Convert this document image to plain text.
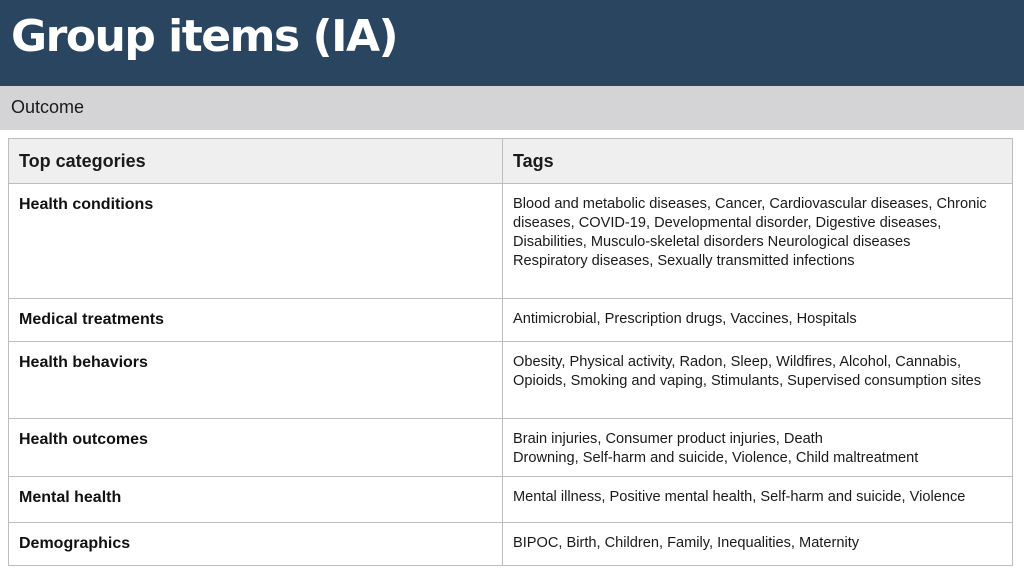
Group items (IA)
Outcome
Top categories	Tags
Health conditions	Blood and metabolic diseases, Cancer, Cardiovascular diseases, Chronic diseases, COVID-19, Developmental disorder, Digestive diseases, Disabilities, Musculo-skeletal disorders Neurological diseases
Respiratory diseases, Sexually transmitted infections

Medical treatments	Antimicrobial, Prescription drugs, Vaccines, Hospitals

Health behaviors	Obesity, Physical activity, Radon, Sleep, Wildfires, Alcohol, Cannabis, Opioids, Smoking and vaping, Stimulants, Supervised consumption sites

Health outcomes	Brain injuries, Consumer product injuries, Death
Drowning, Self-harm and suicide, Violence, Child maltreatment

Mental health	Mental illness, Positive mental health, Self-harm and suicide, Violence

Demographics	BIPOC, Birth, Children, Family, Inequalities, Maternity
